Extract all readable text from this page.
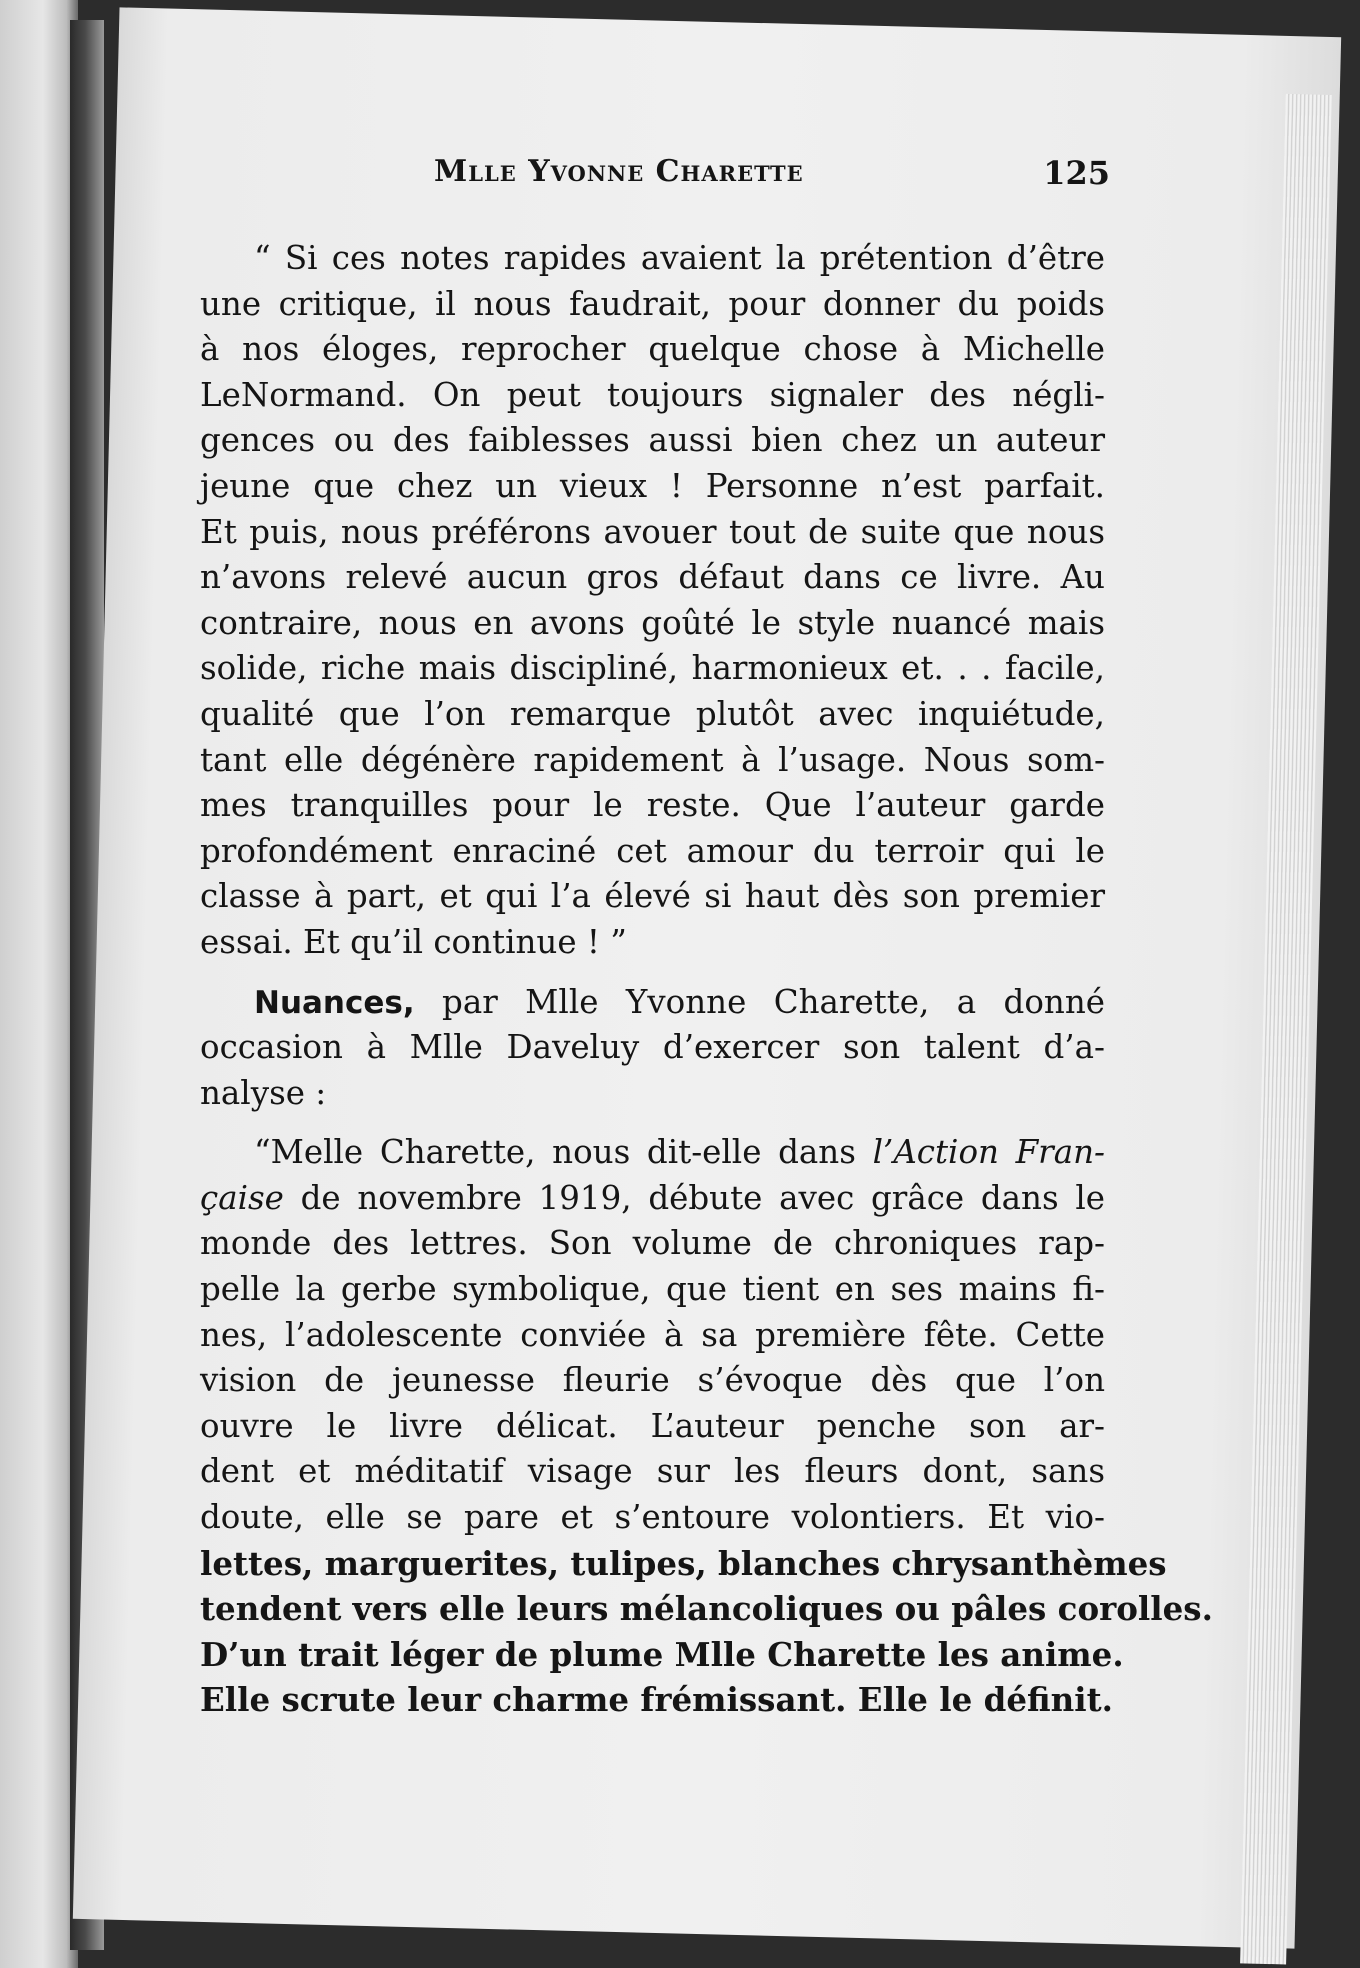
Mlle Yvonne Charette	125
“ Si ces notes rapides avaient la prétention d’être
une critique, il nous faudrait, pour donner du poids
à nos éloges, reprocher quelque chose à Michelle
LeNormand. On peut toujours signaler des négli-
gences ou des faiblesses aussi bien chez un auteur
jeune que chez un vieux ! Personne n’est parfait.
Et puis, nous préférons avouer tout de suite que nous
n’avons relevé aucun gros défaut dans ce livre. Au
contraire, nous en avons goûté le style nuancé mais
solide, riche mais discipliné, harmonieux et. . . facile,
qualité que l’on remarque plutôt avec inquiétude,
tant elle dégénère rapidement à l’usage. Nous som-
mes tranquilles pour le reste. Que l’auteur garde
profondément enraciné cet amour du terroir qui le
classe à part, et qui l’a élevé si haut dès son premier
essai. Et qu’il continue ! ”
Nuances, par Mlle Yvonne Charette, a donné
occasion à Mlle Daveluy d’exercer son talent d’a-
nalyse :
“Melle Charette, nous dit-elle dans l’Action Fran-
çaise de novembre 1919, débute avec grâce dans le
monde des lettres. Son volume de chroniques rap-
pelle la gerbe symbolique, que tient en ses mains fi-
nes, l’adolescente conviée à sa première fête. Cette
vision de jeunesse fleurie s’évoque dès que l’on
ouvre le livre délicat. L’auteur penche son ar-
dent et méditatif visage sur les fleurs dont, sans
doute, elle se pare et s’entoure volontiers. Et vio-
lettes, marguerites, tulipes, blanches chrysanthèmes
tendent vers elle leurs mélancoliques ou pâles corolles.
D’un trait léger de plume Mlle Charette les anime.
Elle scrute leur charme frémissant. Elle le définit.
